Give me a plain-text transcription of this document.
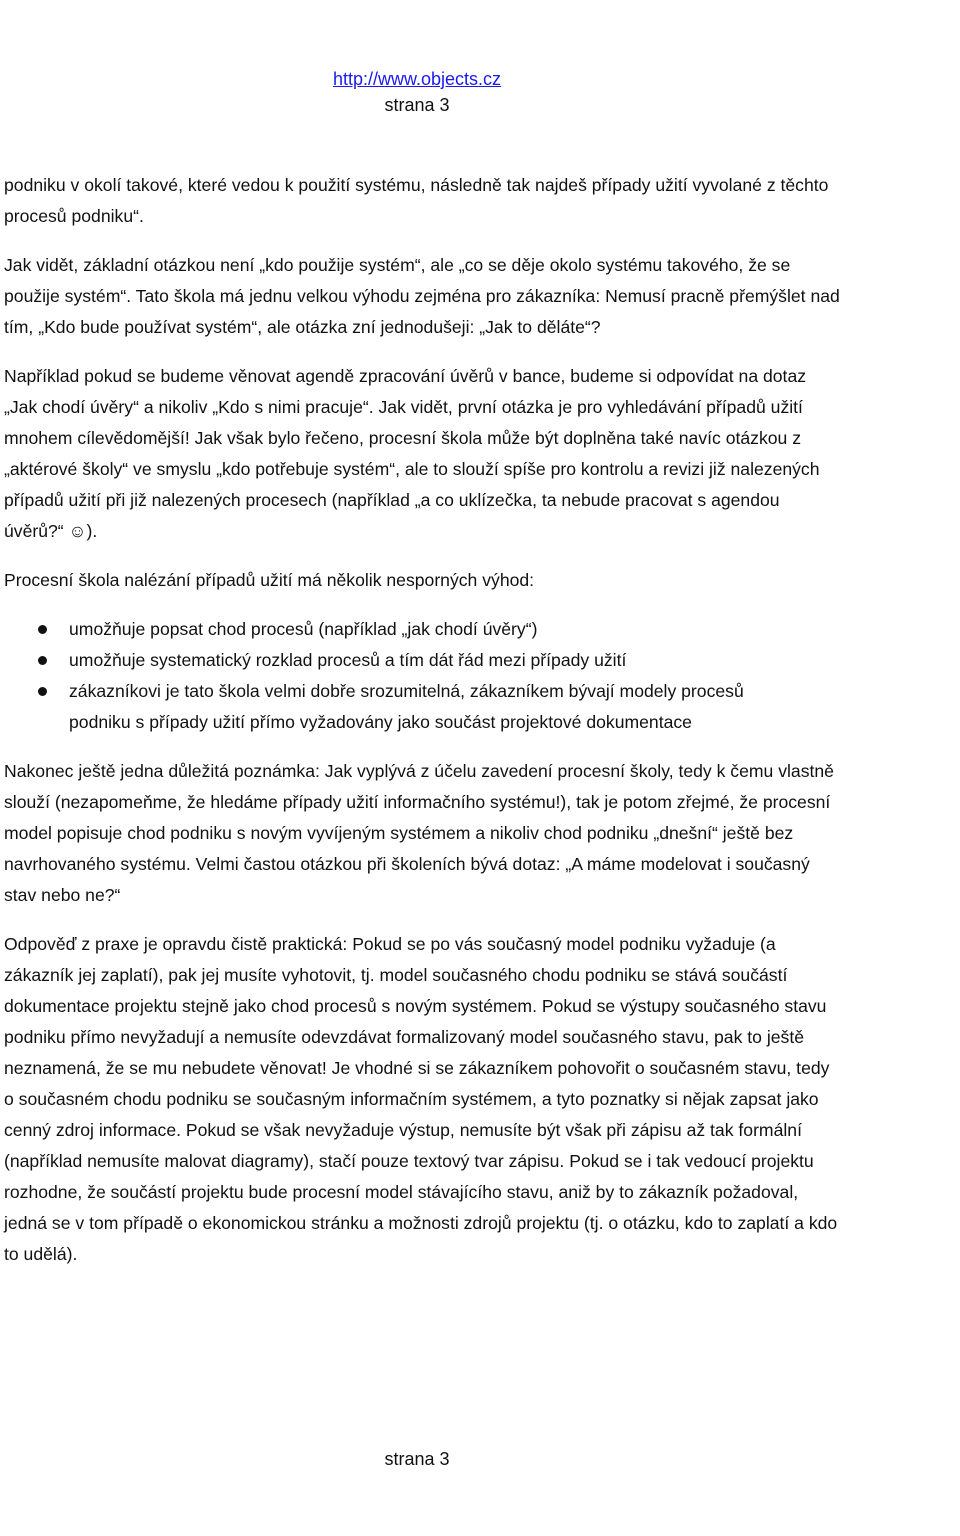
http://www.objects.cz
strana 3

podniku v okolí takové, které vedou k použití systému, následně tak najdeš případy užití vyvolané z těchto procesů podniku“.

Jak vidět, základní otázkou není „kdo použije systém“, ale „co se děje okolo systému takového, že se použije systém“. Tato škola má jednu velkou výhodu zejména pro zákazníka: Nemusí pracně přemýšlet nad tím, „Kdo bude používat systém“, ale otázka zní jednodušeji: „Jak to děláte“?

Například pokud se budeme věnovat agendě zpracování úvěrů v bance, budeme si odpovídat na dotaz „Jak chodí úvěry“ a nikoliv „Kdo s nimi pracuje“. Jak vidět, první otázka je pro vyhledávání případů užití mnohem cílevědomější! Jak však bylo řečeno, procesní škola může být doplněna také navíc otázkou z „aktérové školy“ ve smyslu „kdo potřebuje systém“, ale to slouží spíše pro kontrolu a revizi již nalezených případů užití při již nalezených procesech (například „a co uklízečka, ta nebude pracovat s agendou úvěrů?“ ☺).

Procesní škola nalézání případů užití má několik nesporných výhod:

umožňuje popsat chod procesů (například „jak chodí úvěry“)
umožňuje systematický rozklad procesů a tím dát řád mezi případy užití
zákazníkovi je tato škola velmi dobře srozumitelná, zákazníkem bývají modely procesů podniku s případy užití přímo vyžadovány jako součást projektové dokumentace

Nakonec ještě jedna důležitá poznámka: Jak vyplývá z účelu zavedení procesní školy, tedy k čemu vlastně slouží (nezapomeňme, že hledáme případy užití informačního systému!), tak je potom zřejmé, že procesní model popisuje chod podniku s novým vyvíjeným systémem a nikoliv chod podniku „dnešní“ ještě bez navrhovaného systému. Velmi častou otázkou při školeních bývá dotaz: „A máme modelovat i současný stav nebo ne?“

Odpověď z praxe je opravdu čistě praktická: Pokud se po vás současný model podniku vyžaduje (a zákazník jej zaplatí), pak jej musíte vyhotovit, tj. model současného chodu podniku se stává součástí dokumentace projektu stejně jako chod procesů s novým systémem. Pokud se výstupy současného stavu podniku přímo nevyžadují a nemusíte odevzdávat formalizovaný model současného stavu, pak to ještě neznamená, že se mu nebudete věnovat! Je vhodné si se zákazníkem pohovořit o současném stavu, tedy o současném chodu podniku se současným informačním systémem, a tyto poznatky si nějak zapsat jako cenný zdroj informace. Pokud se však nevyžaduje výstup, nemusíte být však při zápisu až tak formální (například nemusíte malovat diagramy), stačí pouze textový tvar zápisu. Pokud se i tak vedoucí projektu rozhodne, že součástí projektu bude procesní model stávajícího stavu, aniž by to zákazník požadoval, jedná se v tom případě o ekonomickou stránku a možnosti zdrojů projektu (tj. o otázku, kdo to zaplatí a kdo to udělá).

strana 3
